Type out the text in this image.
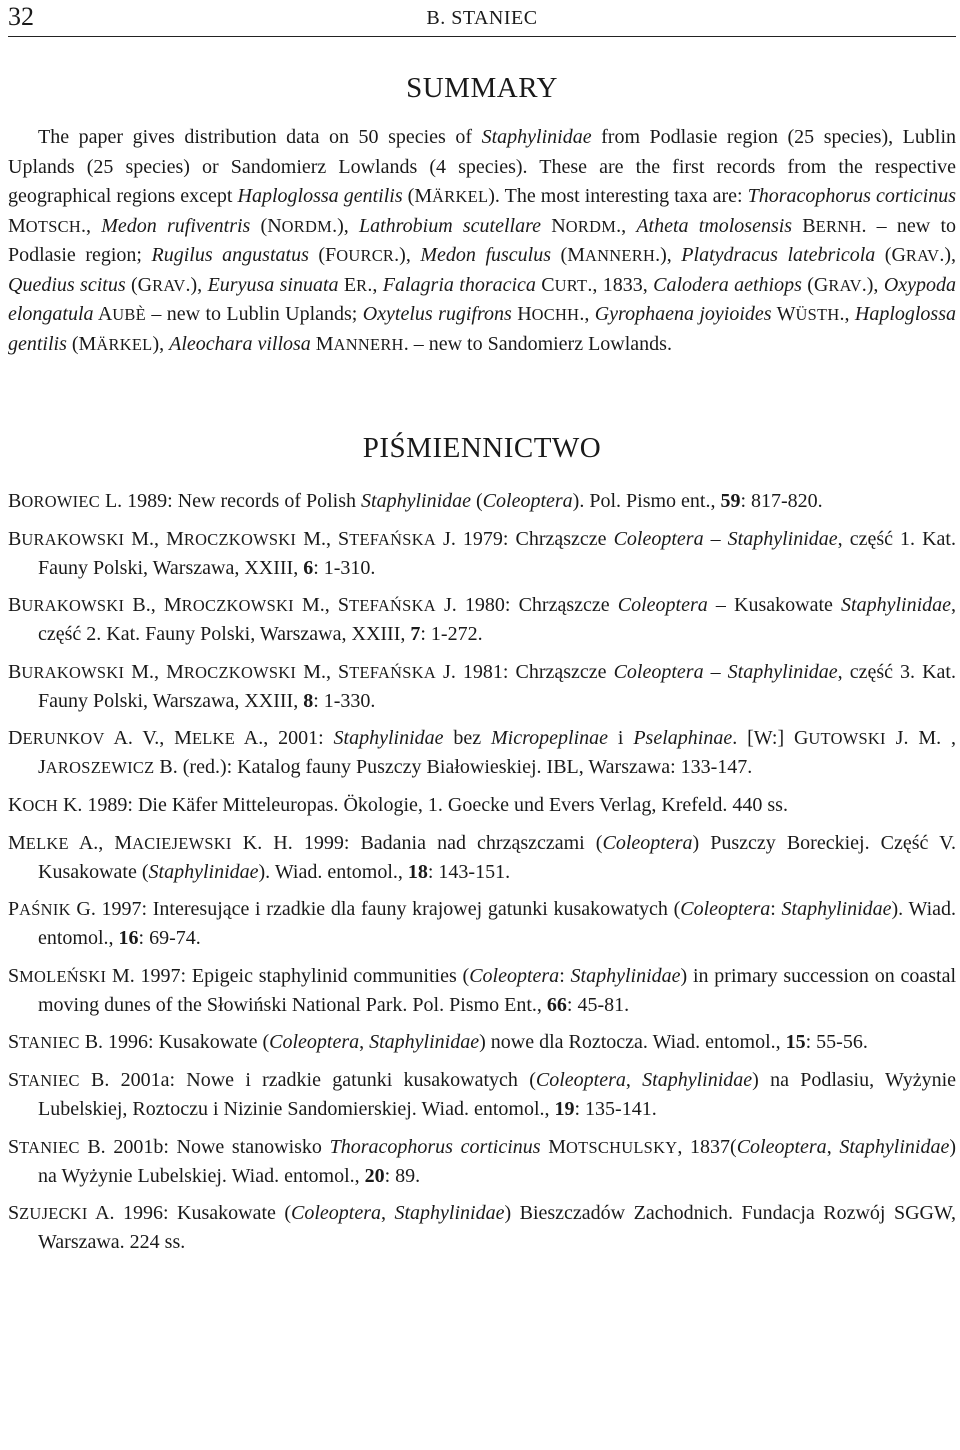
32	B. STANIEC
SUMMARY

The paper gives distribution data on 50 species of Staphylinidae from Podlasie region (25 species), Lublin Uplands (25 species) or Sandomierz Lowlands (4 species). These are the first records from the respective geographical regions except Haploglossa gentilis (MÄRKEL). The most interesting taxa are: Thoracophorus corticinus MOTSCH., Medon rufiventris (NORDM.), Lathrobium scutellare NORDM., Atheta tmolosensis BERNH. – new to Podlasie region; Rugilus angustatus (FOURCR.), Medon fusculus (MANNERH.), Platydracus latebricola (GRAV.), Quedius scitus (GRAV.), Euryusa sinuata ER., Falagria thoracica CURT., 1833, Calodera aethiops (GRAV.), Oxypoda elongatula AUBÈ – new to Lublin Uplands; Oxytelus rugifrons HOCHH., Gyrophaena joyioides WÜSTH., Haploglossa gentilis (MÄRKEL), Aleochara villosa MANNERH. – new to Sandomierz Lowlands.

PIŚMIENNICTWO

BOROWIEC L. 1989: New records of Polish Staphylinidae (Coleoptera). Pol. Pismo ent., 59: 817-820.

BURAKOWSKI M., MROCZKOWSKI M., STEFAŃSKA J. 1979: Chrząszcze Coleoptera – Staphylinidae, część 1. Kat. Fauny Polski, Warszawa, XXIII, 6: 1-310.

BURAKOWSKI B., MROCZKOWSKI M., STEFAŃSKA J. 1980: Chrząszcze Coleoptera – Kusakowate Staphylinidae, część 2. Kat. Fauny Polski, Warszawa, XXIII, 7: 1-272.

BURAKOWSKI M., MROCZKOWSKI M., STEFAŃSKA J. 1981: Chrząszcze Coleoptera – Staphylinidae, część 3. Kat. Fauny Polski, Warszawa, XXIII, 8: 1-330.

DERUNKOV A. V., MELKE A., 2001: Staphylinidae bez Micropeplinae i Pselaphinae. [W:] GUTOWSKI J. M. , JAROSZEWICZ B. (red.): Katalog fauny Puszczy Białowieskiej. IBL, Warszawa: 133-147.

KOCH K. 1989: Die Käfer Mitteleuropas. Ökologie, 1. Goecke und Evers Verlag, Krefeld. 440 ss.

MELKE A., MACIEJEWSKI K. H. 1999: Badania nad chrząszczami (Coleoptera) Puszczy Boreckiej. Część V. Kusakowate (Staphylinidae). Wiad. entomol., 18: 143-151.

PAŚNIK G. 1997: Interesujące i rzadkie dla fauny krajowej gatunki kusakowatych (Coleoptera: Staphylinidae). Wiad. entomol., 16: 69-74.

SMOLEŃSKI M. 1997: Epigeic staphylinid communities (Coleoptera: Staphylinidae) in primary succession on coastal moving dunes of the Słowiński National Park. Pol. Pismo Ent., 66: 45-81.

STANIEC B. 1996: Kusakowate (Coleoptera, Staphylinidae) nowe dla Roztocza. Wiad. entomol., 15: 55-56.

STANIEC B. 2001a: Nowe i rzadkie gatunki kusakowatych (Coleoptera, Staphylinidae) na Podlasiu, Wyżynie Lubelskiej, Roztoczu i Nizinie Sandomierskiej. Wiad. entomol., 19: 135-141.

STANIEC B. 2001b: Nowe stanowisko Thoracophorus corticinus MOTSCHULSKY, 1837(Coleoptera, Staphylinidae) na Wyżynie Lubelskiej. Wiad. entomol., 20: 89.

SZUJECKI A. 1996: Kusakowate (Coleoptera, Staphylinidae) Bieszczadów Zachodnich. Fundacja Rozwój SGGW, Warszawa. 224 ss.
